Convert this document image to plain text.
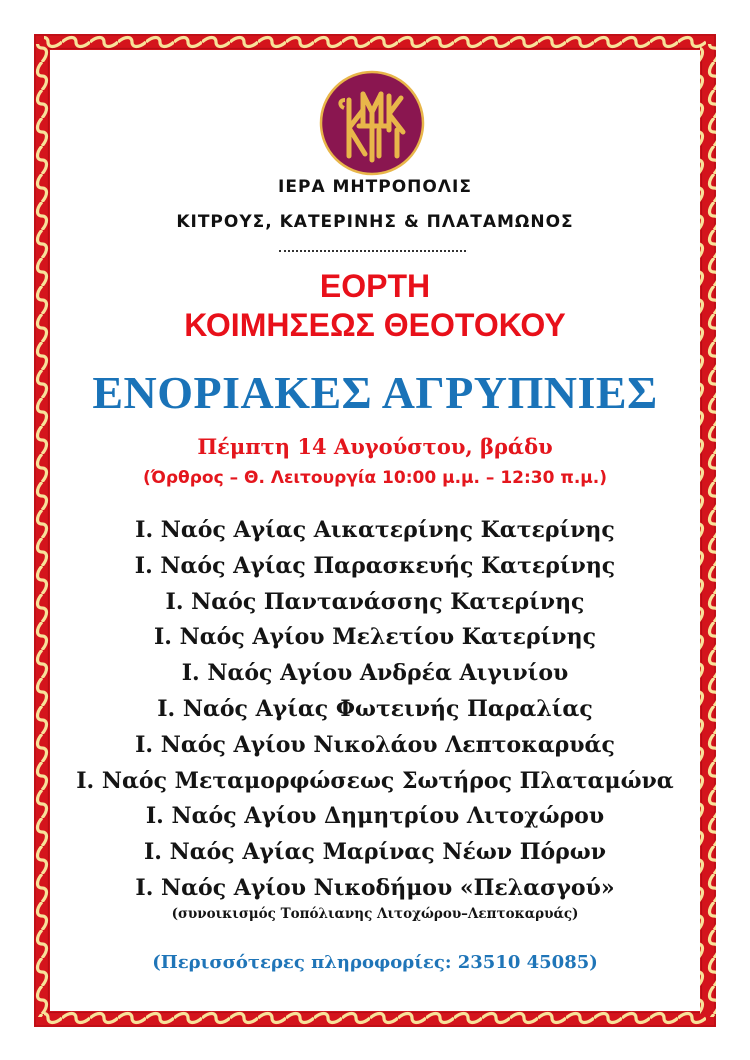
ΙΕΡΑ ΜΗΤΡΟΠΟΛΙΣ
ΚΙΤΡΟΥΣ, ΚΑΤΕΡΙΝΗΣ & ΠΛΑΤΑΜΩΝΟΣ
ΕΟΡΤΗ
ΚΟΙΜΗΣΕΩΣ ΘΕΟΤΟΚΟΥ
ΕΝΟΡΙΑΚΕΣ ΑΓΡΥΠΝΙΕΣ
Πέμπτη 14 Αυγούστου, βράδυ
(Όρθρος – Θ. Λειτουργία 10:00 μ.μ. – 12:30 π.μ.)
Ι. Ναός Αγίας Αικατερίνης Κατερίνης
Ι. Ναός Αγίας Παρασκευής Κατερίνης
Ι. Ναός Παντανάσσης Κατερίνης
Ι. Ναός Αγίου Μελετίου Κατερίνης
Ι. Ναός Αγίου Ανδρέα Αιγινίου
Ι. Ναός Αγίας Φωτεινής Παραλίας
Ι. Ναός Αγίου Νικολάου Λεπτοκαρυάς
Ι. Ναός Μεταμορφώσεως Σωτήρος Πλαταμώνα
Ι. Ναός Αγίου Δημητρίου Λιτοχώρου
Ι. Ναός Αγίας Μαρίνας Νέων Πόρων
Ι. Ναός Αγίου Νικοδήμου «Πελασγού»
(συνοικισμός Τοπόλιανης Λιτοχώρου–Λεπτοκαρυάς)
(Περισσότερες πληροφορίες: 23510 45085)
